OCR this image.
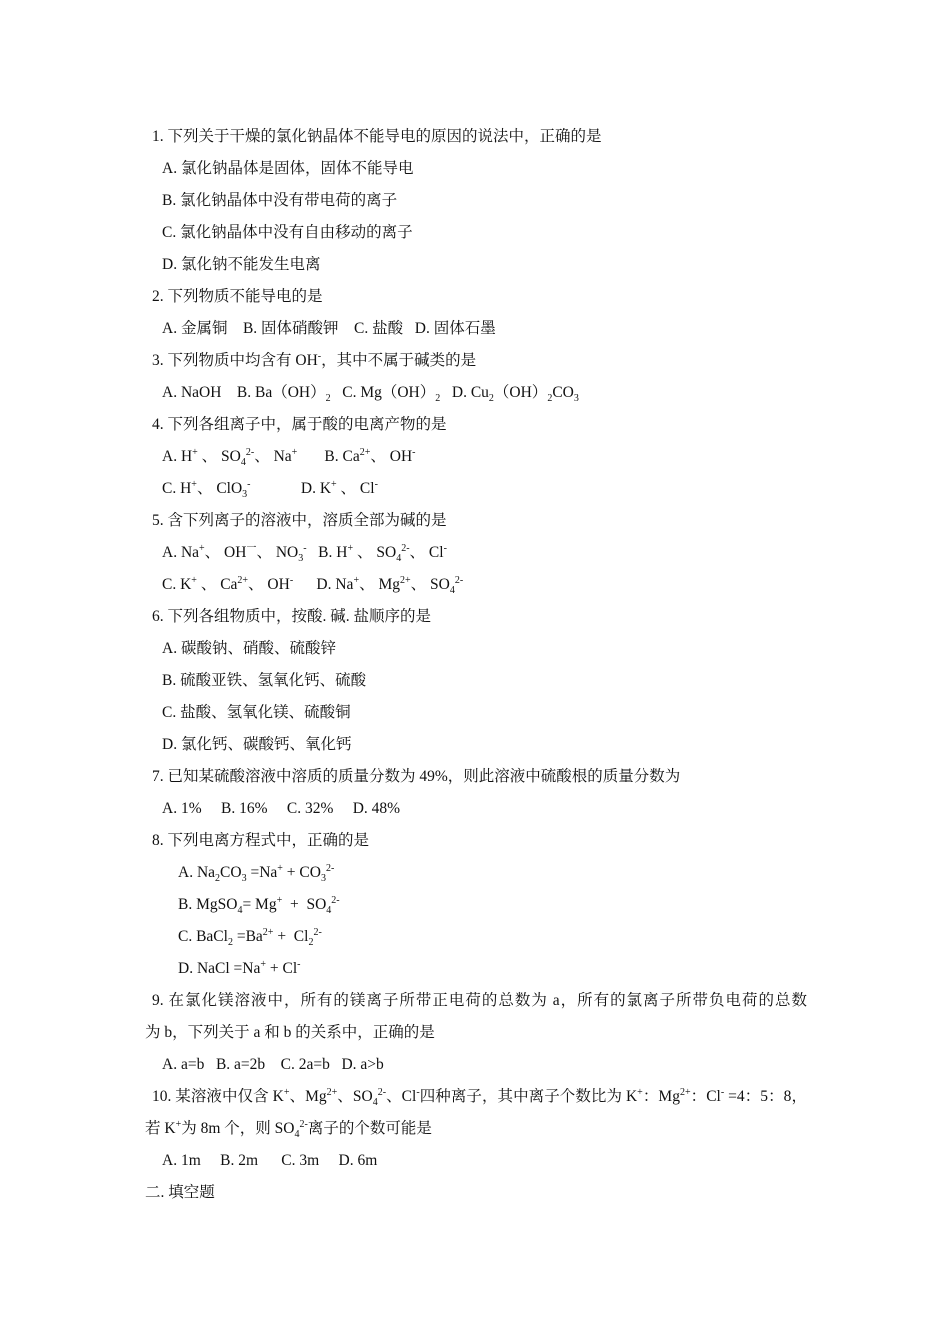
1. 下列关于干燥的氯化钠晶体不能导电的原因的说法中，正确的是
A. 氯化钠晶体是固体，固体不能导电
B. 氯化钠晶体中没有带电荷的离子
C. 氯化钠晶体中没有自由移动的离子
D. 氯化钠不能发生电离
2. 下列物质不能导电的是
A. 金属铜    B. 固体硝酸钾    C. 盐酸   D. 固体石墨
3. 下列物质中均含有 OH-，其中不属于碱类的是
A. NaOH    B. $Ba(OH)_2$   C. $Mg(OH)_2$   D. $Cu_2(OH)_2CO_3$
4. 下列各组离子中，属于酸的电离产物的是
A. H+ 、 $SO_4^{2-}$、 Na+       B. $Ca^{2+}$、 OH-
C. H+、 ClO$_3$-             D. K+ 、 Cl-
5. 含下列离子的溶液中，溶质全部为碱的是
A. Na+、 $OH^一$、 $NO_3^-$   B. H+ 、 $SO_4^{2-}$、 Cl-
C. K+ 、 $Ca^{2+}$、 OH-      D. Na+、 $Mg^{2+}$、 $SO_4^{2-}$
6. 下列各组物质中，按酸. 碱. 盐顺序的是
A. 碳酸钠、硝酸、硫酸锌
B. 硫酸亚铁、氢氧化钙、硫酸
C. 盐酸、氢氧化镁、硫酸铜
D. 氯化钙、碳酸钙、氧化钙
7. 已知某硫酸溶液中溶质的质量分数为 49%，则此溶液中硫酸根的质量分数为
A. 1%     B. 16%     C. 32%     D. 48%
8. 下列电离方程式中，正确的是
A. $Na_2CO_3 =Na^+ + CO_3^{2-}$
B. MgSO$_4$= $Mg^+ + SO_4^{2-}$
C. BaCl$_2$ $=Ba^{2+} + Cl_2^{2-}$
D. NaCl =Na+ + Cl-
9. 在氯化镁溶液中，所有的镁离子所带正电荷的总数为 a，所有的氯离子所带负电荷的总数
为 b，下列关于 a 和 b 的关系中，正确的是
A. a=b   B. a=2b    C. 2a=b   D. a>b
10. 某溶液中仅含 K+、$Mg^{2+}$、$SO_4^{2-}$、Cl-四种离子，其中离子个数比为 K+：$Mg^{2+}$：Cl- =4：5：8，
若 K+为 8m 个，则 $SO_4^{2-}$离子的个数可能是
A. 1m     B. 2m      C. 3m     D. 6m
二. 填空题
